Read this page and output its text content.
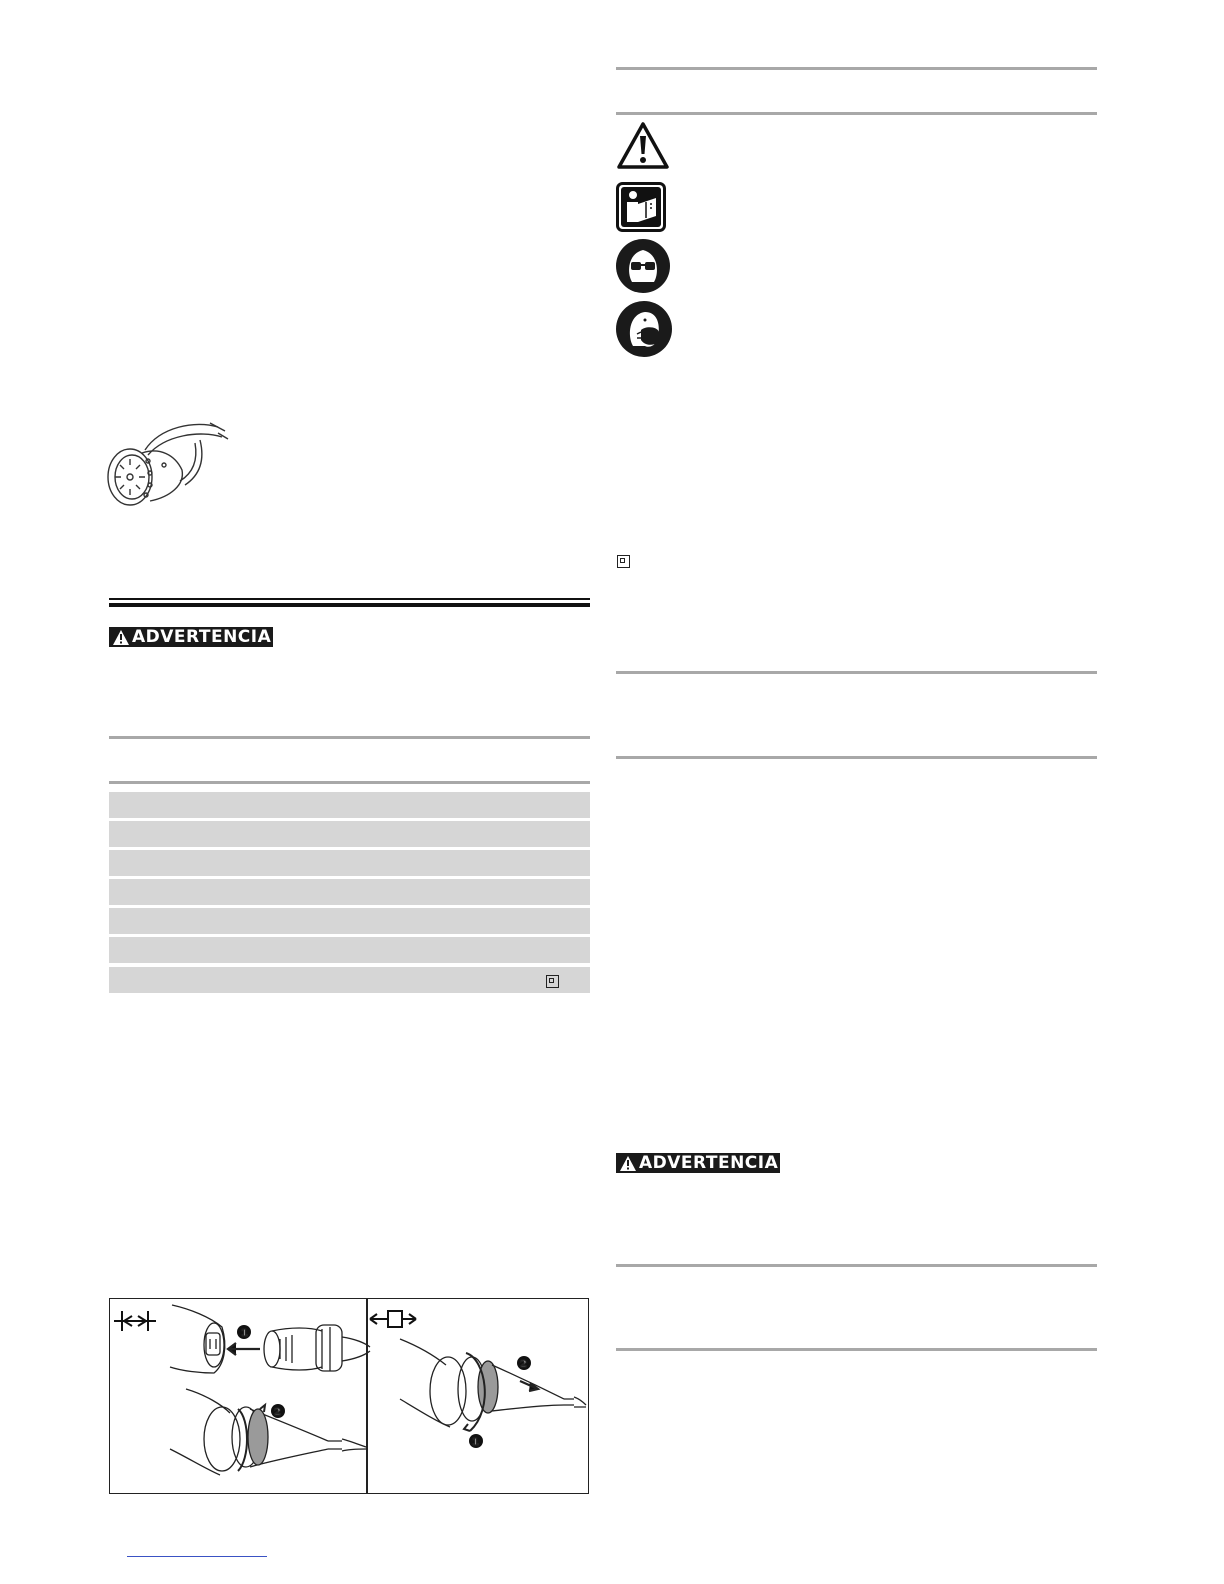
ADVERTENCIA
1
2
2
1
ADVERTENCIA
